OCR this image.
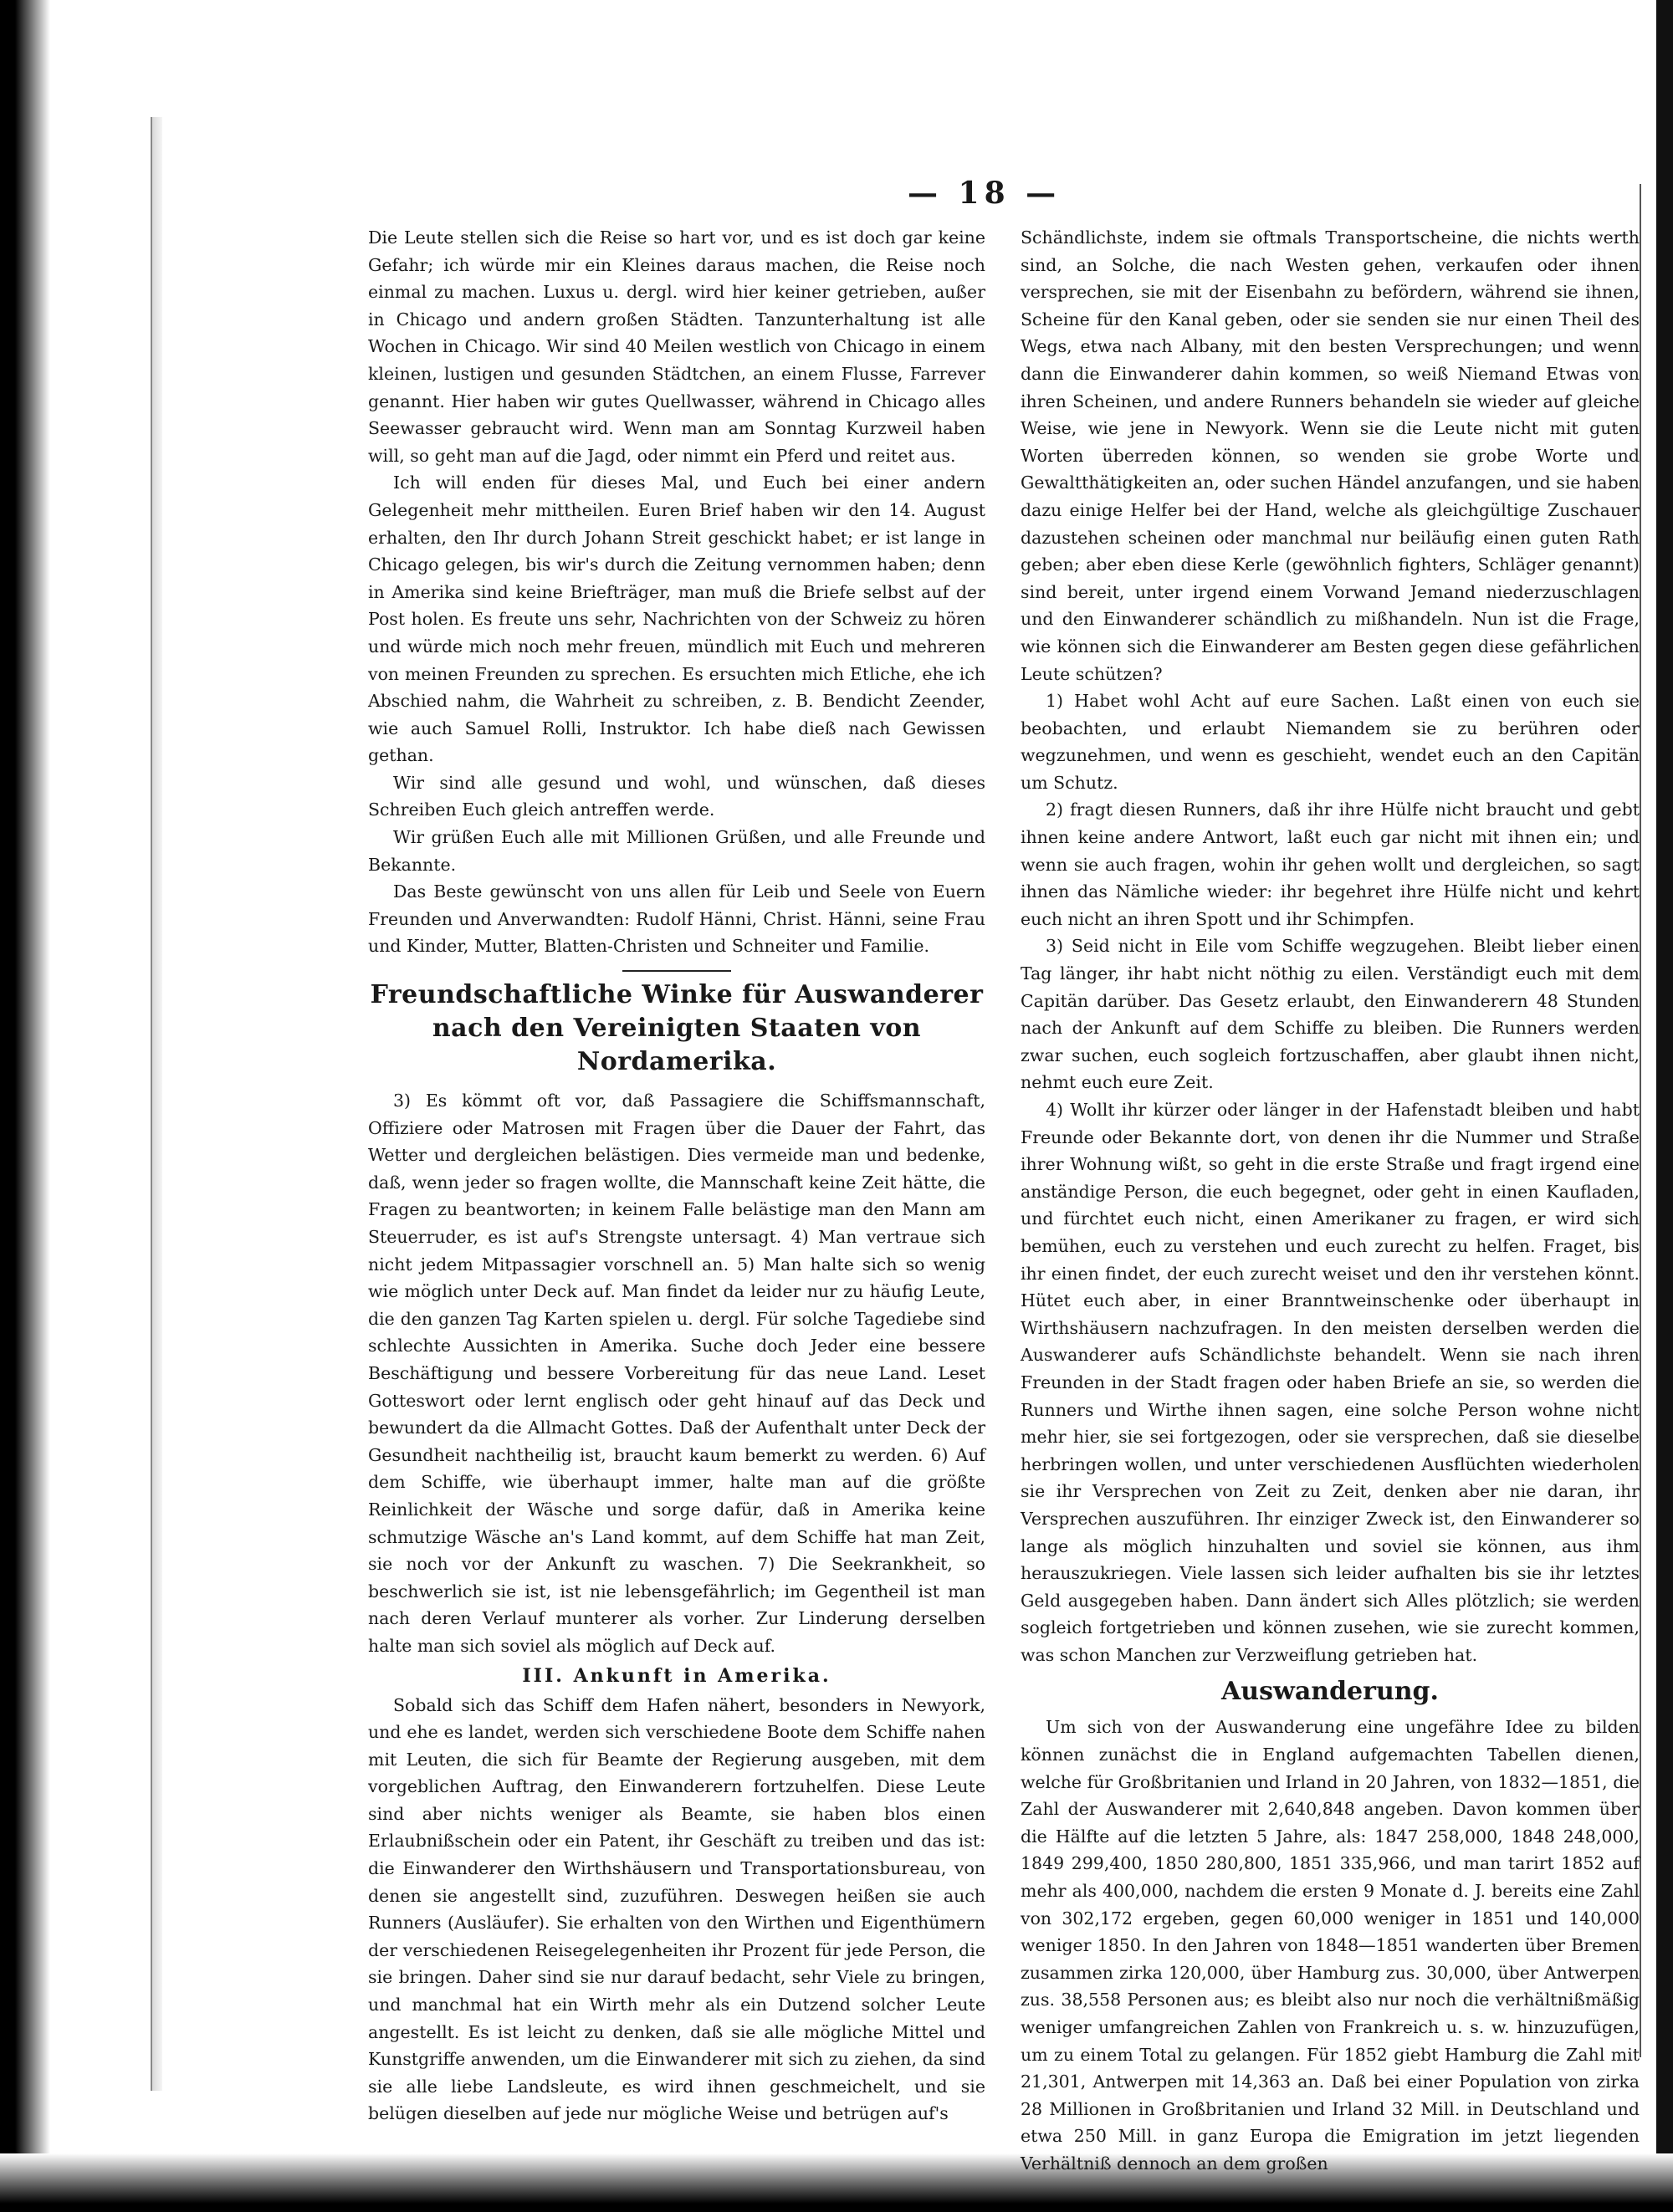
— 18 —

Die Leute stellen sich die Reise so hart vor, und es ist doch gar keine Gefahr; ich würde mir ein Kleines daraus machen, die Reise noch einmal zu machen. Luxus u. dergl. wird hier keiner getrieben, außer in Chicago und andern großen Städten. Tanzunterhaltung ist alle Wochen in Chicago. Wir sind 40 Meilen westlich von Chicago in einem kleinen, lustigen und gesunden Städtchen, an einem Flusse, Farrever genannt. Hier haben wir gutes Quellwasser, während in Chicago alles Seewasser gebraucht wird. Wenn man am Sonntag Kurzweil haben will, so geht man auf die Jagd, oder nimmt ein Pferd und reitet aus.

Ich will enden für dieses Mal, und Euch bei einer andern Gelegenheit mehr mittheilen. Euren Brief haben wir den 14. August erhalten, den Ihr durch Johann Streit geschickt habet; er ist lange in Chicago gelegen, bis wir's durch die Zeitung vernommen haben; denn in Amerika sind keine Briefträger, man muß die Briefe selbst auf der Post holen. Es freute uns sehr, Nachrichten von der Schweiz zu hören und würde mich noch mehr freuen, mündlich mit Euch und mehreren von meinen Freunden zu sprechen. Es ersuchten mich Etliche, ehe ich Abschied nahm, die Wahrheit zu schreiben, z. B. Bendicht Zeender, wie auch Samuel Rolli, Instruktor. Ich habe dieß nach Gewissen gethan.

Wir sind alle gesund und wohl, und wünschen, daß dieses Schreiben Euch gleich antreffen werde.

Wir grüßen Euch alle mit Millionen Grüßen, und alle Freunde und Bekannte.

Das Beste gewünscht von uns allen für Leib und Seele von Euern Freunden und Anverwandten: Rudolf Hänni, Christ. Hänni, seine Frau und Kinder, Mutter, Blatten-Christen und Schneiter und Familie.

Freundschaftliche Winke für Auswanderer nach den Vereinigten Staaten von Nordamerika.

3) Es kömmt oft vor, daß Passagiere die Schiffsmannschaft, Offiziere oder Matrosen mit Fragen über die Dauer der Fahrt, das Wetter und dergleichen belästigen. Dies vermeide man und bedenke, daß, wenn jeder so fragen wollte, die Mannschaft keine Zeit hätte, die Fragen zu beantworten; in keinem Falle belästige man den Mann am Steuerruder, es ist auf's Strengste untersagt. 4) Man vertraue sich nicht jedem Mitpassagier vorschnell an. 5) Man halte sich so wenig wie möglich unter Deck auf. Man findet da leider nur zu häufig Leute, die den ganzen Tag Karten spielen u. dergl. Für solche Tagediebe sind schlechte Aussichten in Amerika. Suche doch Jeder eine bessere Beschäftigung und bessere Vorbereitung für das neue Land. Leset Gotteswort oder lernt englisch oder geht hinauf auf das Deck und bewundert da die Allmacht Gottes. Daß der Aufenthalt unter Deck der Gesundheit nachtheilig ist, braucht kaum bemerkt zu werden. 6) Auf dem Schiffe, wie überhaupt immer, halte man auf die größte Reinlichkeit der Wäsche und sorge dafür, daß in Amerika keine schmutzige Wäsche an's Land kommt, auf dem Schiffe hat man Zeit, sie noch vor der Ankunft zu waschen. 7) Die Seekrankheit, so beschwerlich sie ist, ist nie lebensgefährlich; im Gegentheil ist man nach deren Verlauf munterer als vorher. Zur Linderung derselben halte man sich soviel als möglich auf Deck auf.

III. Ankunft in Amerika.

Sobald sich das Schiff dem Hafen nähert, besonders in Newyork, und ehe es landet, werden sich verschiedene Boote dem Schiffe nahen mit Leuten, die sich für Beamte der Regierung ausgeben, mit dem vorgeblichen Auftrag, den Einwanderern fortzuhelfen. Diese Leute sind aber nichts weniger als Beamte, sie haben blos einen Erlaubnißschein oder ein Patent, ihr Geschäft zu treiben und das ist: die Einwanderer den Wirthshäusern und Transportationsbureau, von denen sie angestellt sind, zuzuführen. Deswegen heißen sie auch Runners (Ausläufer). Sie erhalten von den Wirthen und Eigenthümern der verschiedenen Reisegelegenheiten ihr Prozent für jede Person, die sie bringen. Daher sind sie nur darauf bedacht, sehr Viele zu bringen, und manchmal hat ein Wirth mehr als ein Dutzend solcher Leute angestellt. Es ist leicht zu denken, daß sie alle mögliche Mittel und Kunstgriffe anwenden, um die Einwanderer mit sich zu ziehen, da sind sie alle liebe Landsleute, es wird ihnen geschmeichelt, und sie belügen dieselben auf jede nur mögliche Weise und betrügen auf's

Schändlichste, indem sie oftmals Transportscheine, die nichts werth sind, an Solche, die nach Westen gehen, verkaufen oder ihnen versprechen, sie mit der Eisenbahn zu befördern, während sie ihnen, Scheine für den Kanal geben, oder sie senden sie nur einen Theil des Wegs, etwa nach Albany, mit den besten Versprechungen; und wenn dann die Einwanderer dahin kommen, so weiß Niemand Etwas von ihren Scheinen, und andere Runners behandeln sie wieder auf gleiche Weise, wie jene in Newyork. Wenn sie die Leute nicht mit guten Worten überreden können, so wenden sie grobe Worte und Gewaltthätigkeiten an, oder suchen Händel anzufangen, und sie haben dazu einige Helfer bei der Hand, welche als gleichgültige Zuschauer dazustehen scheinen oder manchmal nur beiläufig einen guten Rath geben; aber eben diese Kerle (gewöhnlich fighters, Schläger genannt) sind bereit, unter irgend einem Vorwand Jemand niederzuschlagen und den Einwanderer schändlich zu mißhandeln. Nun ist die Frage, wie können sich die Einwanderer am Besten gegen diese gefährlichen Leute schützen?

1) Habet wohl Acht auf eure Sachen. Laßt einen von euch sie beobachten, und erlaubt Niemandem sie zu berühren oder wegzunehmen, und wenn es geschieht, wendet euch an den Capitän um Schutz.

2) fragt diesen Runners, daß ihr ihre Hülfe nicht braucht und gebt ihnen keine andere Antwort, laßt euch gar nicht mit ihnen ein; und wenn sie auch fragen, wohin ihr gehen wollt und dergleichen, so sagt ihnen das Nämliche wieder: ihr begehret ihre Hülfe nicht und kehrt euch nicht an ihren Spott und ihr Schimpfen.

3) Seid nicht in Eile vom Schiffe wegzugehen. Bleibt lieber einen Tag länger, ihr habt nicht nöthig zu eilen. Verständigt euch mit dem Capitän darüber. Das Gesetz erlaubt, den Einwanderern 48 Stunden nach der Ankunft auf dem Schiffe zu bleiben. Die Runners werden zwar suchen, euch sogleich fortzuschaffen, aber glaubt ihnen nicht, nehmt euch eure Zeit.

4) Wollt ihr kürzer oder länger in der Hafenstadt bleiben und habt Freunde oder Bekannte dort, von denen ihr die Nummer und Straße ihrer Wohnung wißt, so geht in die erste Straße und fragt irgend eine anständige Person, die euch begegnet, oder geht in einen Kaufladen, und fürchtet euch nicht, einen Amerikaner zu fragen, er wird sich bemühen, euch zu verstehen und euch zurecht zu helfen. Fraget, bis ihr einen findet, der euch zurecht weiset und den ihr verstehen könnt. Hütet euch aber, in einer Branntweinschenke oder überhaupt in Wirthshäusern nachzufragen. In den meisten derselben werden die Auswanderer aufs Schändlichste behandelt. Wenn sie nach ihren Freunden in der Stadt fragen oder haben Briefe an sie, so werden die Runners und Wirthe ihnen sagen, eine solche Person wohne nicht mehr hier, sie sei fortgezogen, oder sie versprechen, daß sie dieselbe herbringen wollen, und unter verschiedenen Ausflüchten wiederholen sie ihr Versprechen von Zeit zu Zeit, denken aber nie daran, ihr Versprechen auszuführen. Ihr einziger Zweck ist, den Einwanderer so lange als möglich hinzuhalten und soviel sie können, aus ihm herauszukriegen. Viele lassen sich leider aufhalten bis sie ihr letztes Geld ausgegeben haben. Dann ändert sich Alles plötzlich; sie werden sogleich fortgetrieben und können zusehen, wie sie zurecht kommen, was schon Manchen zur Verzweiflung getrieben hat.

Auswanderung.

Um sich von der Auswanderung eine ungefähre Idee zu bilden können zunächst die in England aufgemachten Tabellen dienen, welche für Großbritanien und Irland in 20 Jahren, von 1832—1851, die Zahl der Auswanderer mit 2,640,848 angeben. Davon kommen über die Hälfte auf die letzten 5 Jahre, als: 1847 258,000, 1848 248,000, 1849 299,400, 1850 280,800, 1851 335,966, und man tarirt 1852 auf mehr als 400,000, nachdem die ersten 9 Monate d. J. bereits eine Zahl von 302,172 ergeben, gegen 60,000 weniger in 1851 und 140,000 weniger 1850. In den Jahren von 1848—1851 wanderten über Bremen zusammen zirka 120,000, über Hamburg zus. 30,000, über Antwerpen zus. 38,558 Personen aus; es bleibt also nur noch die verhältnißmäßig weniger umfangreichen Zahlen von Frankreich u. s. w. hinzuzufügen, um zu einem Total zu gelangen. Für 1852 giebt Hamburg die Zahl mit 21,301, Antwerpen mit 14,363 an. Daß bei einer Population von zirka 28 Millionen in Großbritanien und Irland 32 Mill. in Deutschland und etwa 250 Mill. in ganz Europa die Emigration im jetzt liegenden Verhältniß dennoch an dem großen
